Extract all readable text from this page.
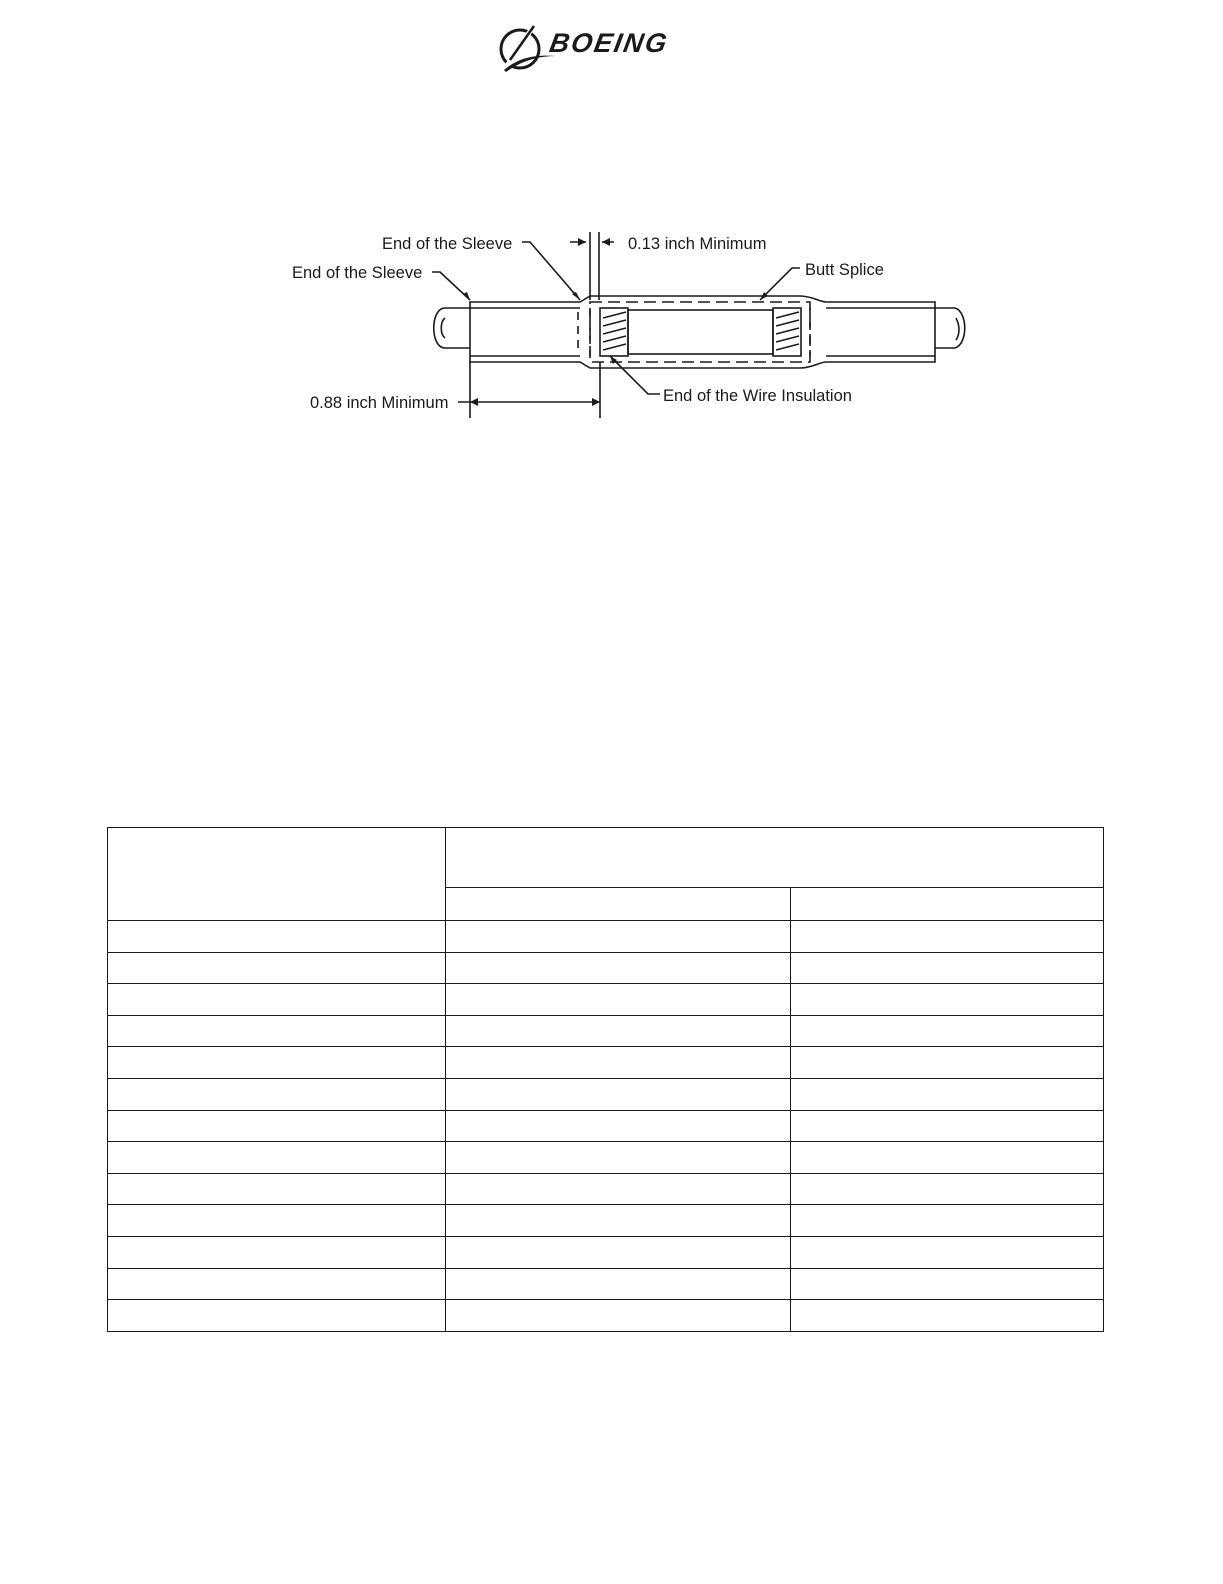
BOEING
End of the Sleeve
End of the Sleeve
0.13 inch Minimum
Butt Splice
0.88 inch Minimum	End of the Wire Insulation
